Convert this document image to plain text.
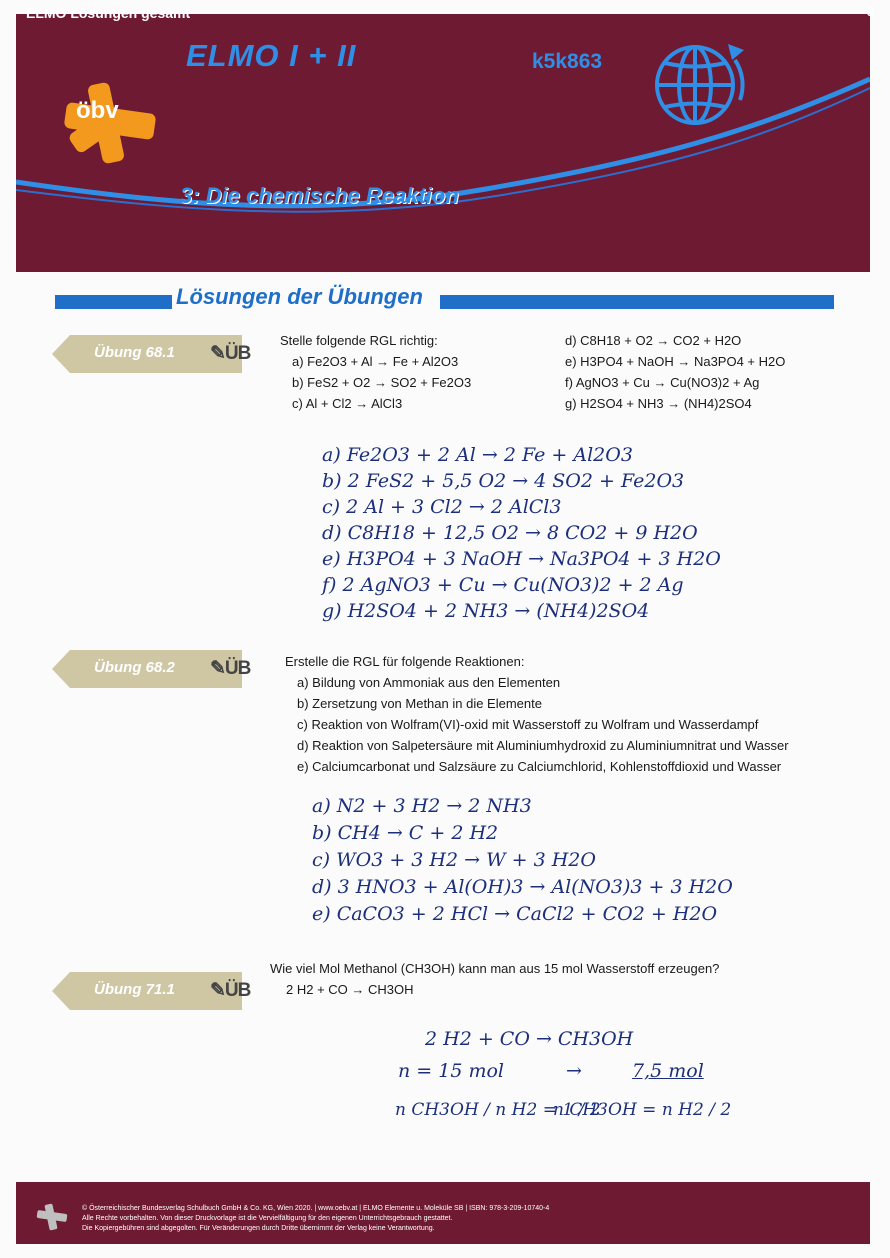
ELMO Lösungen gesamt	9
ELMO I + II	k5k863
öbv
3: Die chemische Reaktion
Lösungen der Übungen
Übung 68.1 ✎ÜB
Stelle folgende RGL richtig:
a) Fe2O3 + Al → Fe + Al2O3
b) FeS2 + O2 → SO2 + Fe2O3
c) Al + Cl2 → AlCl3
d) C8H18 + O2 → CO2 + H2O
e) H3PO4 + NaOH → Na3PO4 + H2O
f) AgNO3 + Cu → Cu(NO3)2 + Ag
g) H2SO4 + NH3 → (NH4)2SO4
a) Fe2O3 + 2 Al → 2 Fe + Al2O3
b) 2 FeS2 + 5,5 O2 → 4 SO2 + Fe2O3
c) 2 Al + 3 Cl2 → 2 AlCl3
d) C8H18 + 12,5 O2 → 8 CO2 + 9 H2O
e) H3PO4 + 3 NaOH → Na3PO4 + 3 H2O
f) 2 AgNO3 + Cu → Cu(NO3)2 + 2 Ag
g) H2SO4 + 2 NH3 → (NH4)2SO4
Übung 68.2 ✎ÜB	Erstelle die RGL für folgende Reaktionen:
a) Bildung von Ammoniak aus den Elementen
b) Zersetzung von Methan in die Elemente
c) Reaktion von Wolfram(VI)-oxid mit Wasserstoff zu Wolfram und Wasserdampf
d) Reaktion von Salpetersäure mit Aluminiumhydroxid zu Aluminiumnitrat und Wasser
e) Calciumcarbonat und Salzsäure zu Calciumchlorid, Kohlenstoffdioxid und Wasser
a) N2 + 3 H2 → 2 NH3
b) CH4 → C + 2 H2
c) WO3 + 3 H2 → W + 3 H2O
d) 3 HNO3 + Al(OH)3 → Al(NO3)3 + 3 H2O
e) CaCO3 + 2 HCl → CaCl2 + CO2 + H2O
Übung 71.1 ✎ÜB
Wie viel Mol Methanol (CH3OH) kann man aus 15 mol Wasserstoff erzeugen?
2 H2 + CO → CH3OH
2 H2 + CO → CH3OH
n = 15 mol	→	7,5 mol
n CH3OH / n H2 = 1 / 2
n CH3OH = n H2 / 2
© Österreichischer Bundesverlag Schulbuch GmbH & Co. KG, Wien 2020. | www.oebv.at | ELMO Elemente u. Moleküle SB | ISBN: 978-3-209-10740-4
Alle Rechte vorbehalten. Von dieser Druckvorlage ist die Vervielfältigung für den eigenen Unterrichtsgebrauch gestattet.
Die Kopiergebühren sind abgegolten. Für Veränderungen durch Dritte übernimmt der Verlag keine Verantwortung.
